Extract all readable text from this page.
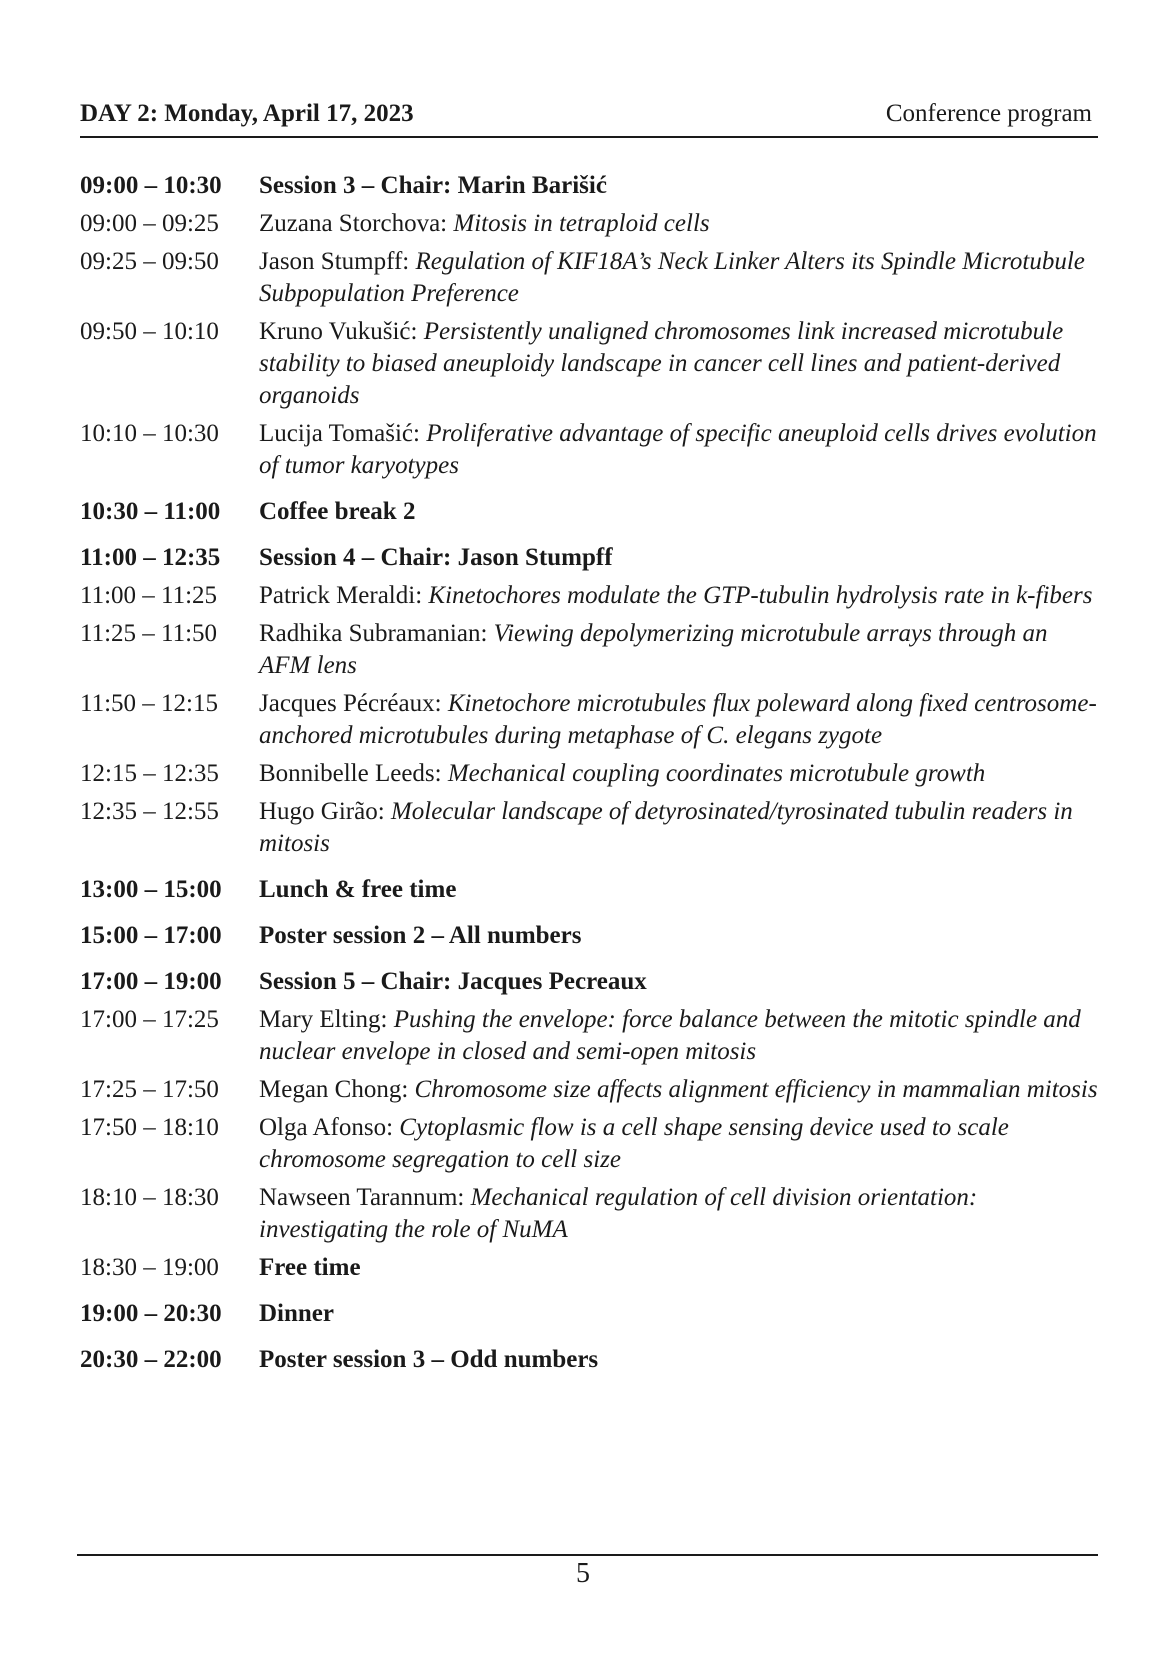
DAY 2: Monday, April 17, 2023	Conference program
09:00 – 10:30	Session 3 – Chair: Marin Barišić
09:00 – 09:25	Zuzana Storchova: Mitosis in tetraploid cells
09:25 – 09:50	Jason Stumpff: Regulation of KIF18A’s Neck Linker Alters its Spindle Microtubule Subpopulation Preference
09:50 – 10:10	Kruno Vukušić: Persistently unaligned chromosomes link increased microtubule stability to biased aneuploidy landscape in cancer cell lines and patient-derived organoids
10:10 – 10:30	Lucija Tomašić: Proliferative advantage of specific aneuploid cells drives evolution of tumor karyotypes
10:30 – 11:00	Coffee break 2
11:00 – 12:35	Session 4 – Chair: Jason Stumpff
11:00 – 11:25	Patrick Meraldi: Kinetochores modulate the GTP-tubulin hydrolysis rate in k-fibers
11:25 – 11:50	Radhika Subramanian: Viewing depolymerizing microtubule arrays through an AFM lens
11:50 – 12:15	Jacques Pécréaux: Kinetochore microtubules flux poleward along fixed centrosome-anchored microtubules during metaphase of C. elegans zygote
12:15 – 12:35	Bonnibelle Leeds: Mechanical coupling coordinates microtubule growth
12:35 – 12:55	Hugo Girão: Molecular landscape of detyrosinated/tyrosinated tubulin readers in mitosis
13:00 – 15:00	Lunch & free time
15:00 – 17:00	Poster session 2 – All numbers
17:00 – 19:00	Session 5 – Chair: Jacques Pecreaux
17:00 – 17:25	Mary Elting: Pushing the envelope: force balance between the mitotic spindle and nuclear envelope in closed and semi-open mitosis
17:25 – 17:50	Megan Chong: Chromosome size affects alignment efficiency in mammalian mitosis
17:50 – 18:10	Olga Afonso: Cytoplasmic flow is a cell shape sensing device used to scale chromosome segregation to cell size
18:10 – 18:30	Nawseen Tarannum: Mechanical regulation of cell division orientation: investigating the role of NuMA
18:30 – 19:00	Free time
19:00 – 20:30	Dinner
20:30 – 22:00	Poster session 3 – Odd numbers
5
